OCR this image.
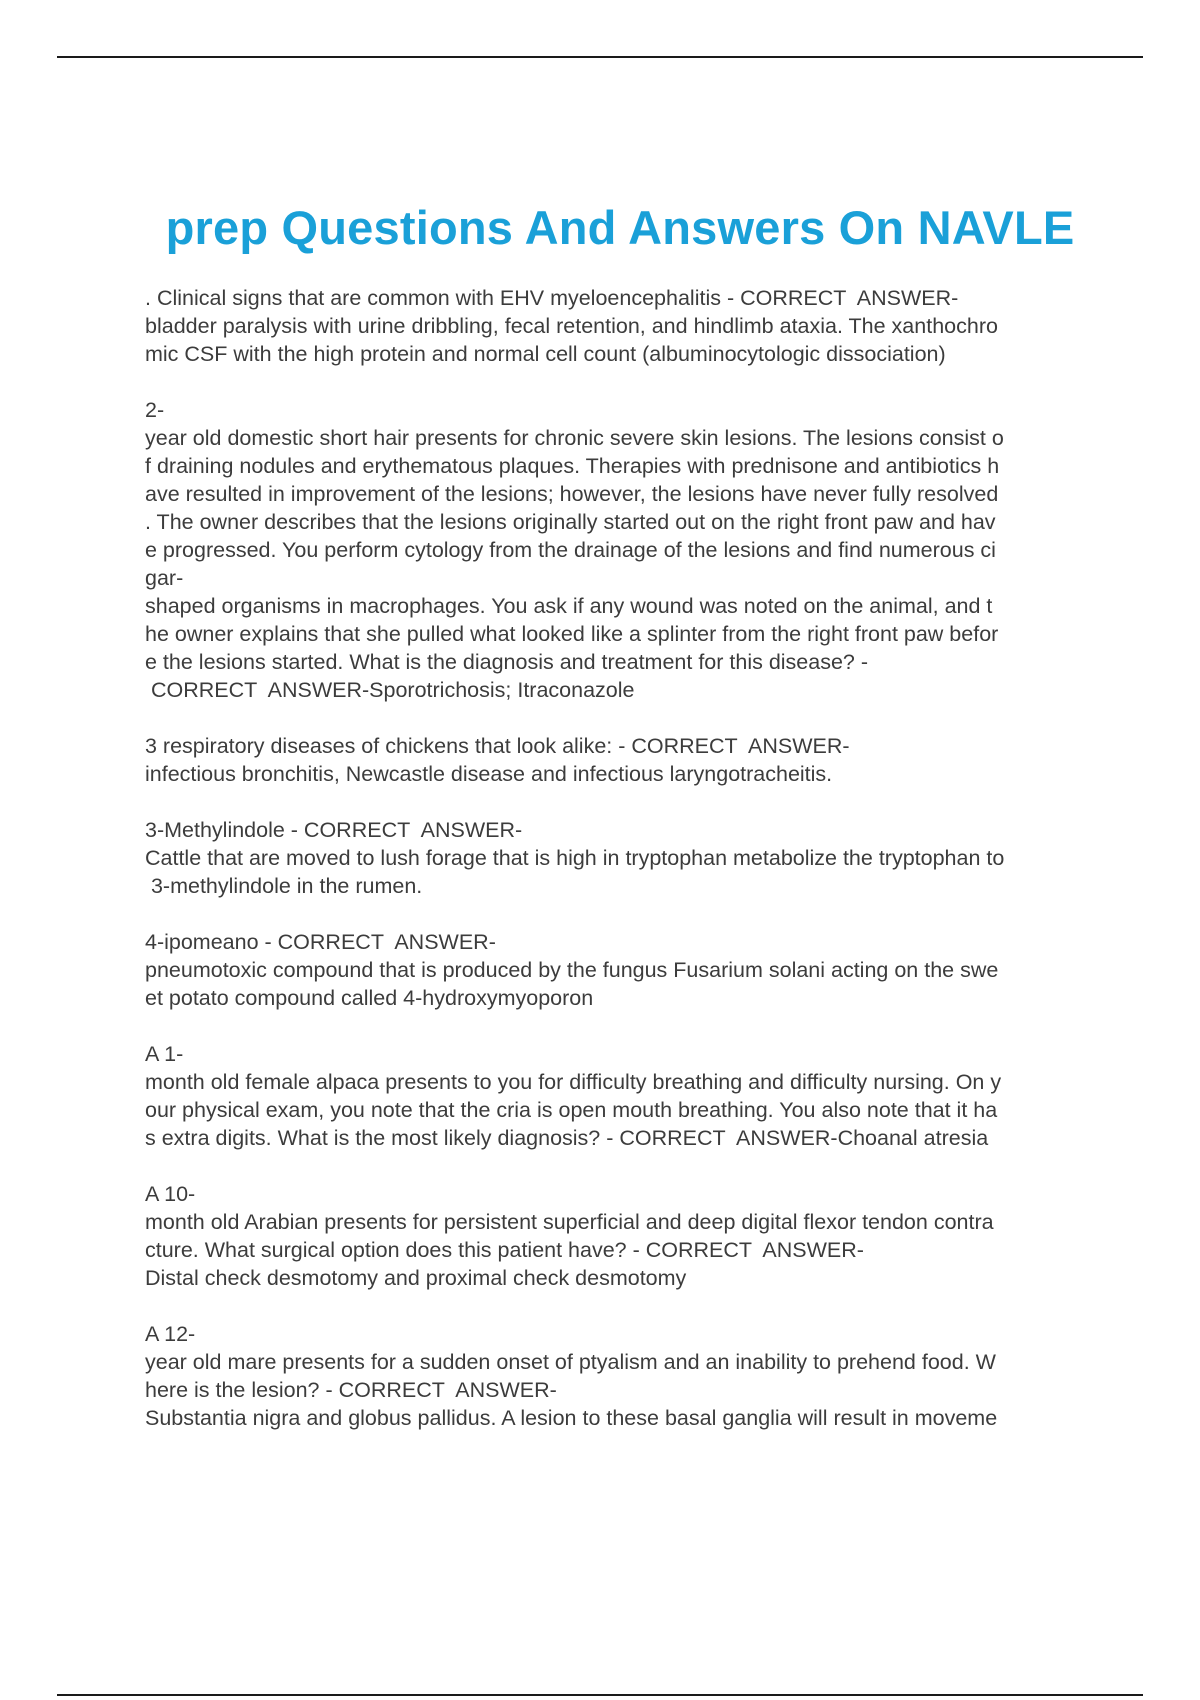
prep Questions And Answers On NAVLE
. Clinical signs that are common with EHV myeloencephalitis - CORRECT  ANSWER-
bladder paralysis with urine dribbling, fecal retention, and hindlimb ataxia. The xanthochro
mic CSF with the high protein and normal cell count (albuminocytologic dissociation)
2-
year old domestic short hair presents for chronic severe skin lesions. The lesions consist o
f draining nodules and erythematous plaques. Therapies with prednisone and antibiotics h
ave resulted in improvement of the lesions; however, the lesions have never fully resolved
. The owner describes that the lesions originally started out on the right front paw and hav
e progressed. You perform cytology from the drainage of the lesions and find numerous ci
gar-
shaped organisms in macrophages. You ask if any wound was noted on the animal, and t
he owner explains that she pulled what looked like a splinter from the right front paw befor
e the lesions started. What is the diagnosis and treatment for this disease? -
CORRECT  ANSWER-Sporotrichosis; Itraconazole
3 respiratory diseases of chickens that look alike: - CORRECT  ANSWER-
infectious bronchitis, Newcastle disease and infectious laryngotracheitis.
3-Methylindole - CORRECT  ANSWER-
Cattle that are moved to lush forage that is high in tryptophan metabolize the tryptophan to
3-methylindole in the rumen.
4-ipomeano - CORRECT  ANSWER-
pneumotoxic compound that is produced by the fungus Fusarium solani acting on the swe
et potato compound called 4-hydroxymyoporon
A 1-
month old female alpaca presents to you for difficulty breathing and difficulty nursing. On y
our physical exam, you note that the cria is open mouth breathing. You also note that it ha
s extra digits. What is the most likely diagnosis? - CORRECT  ANSWER-Choanal atresia
A 10-
month old Arabian presents for persistent superficial and deep digital flexor tendon contra
cture. What surgical option does this patient have? - CORRECT  ANSWER-
Distal check desmotomy and proximal check desmotomy
A 12-
year old mare presents for a sudden onset of ptyalism and an inability to prehend food. W
here is the lesion? - CORRECT  ANSWER-
Substantia nigra and globus pallidus. A lesion to these basal ganglia will result in moveme
